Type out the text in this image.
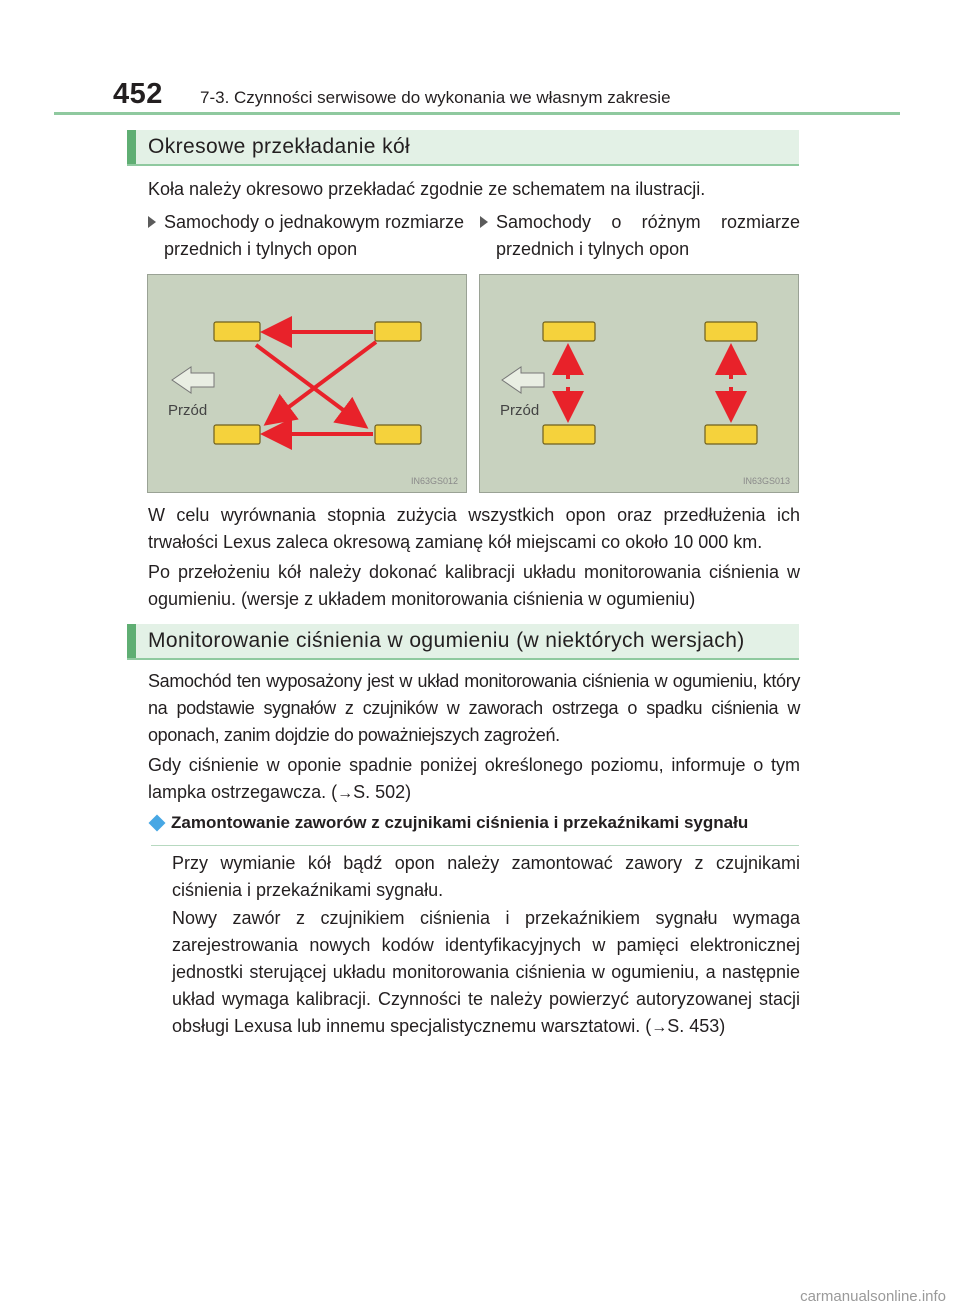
452 7-3. Czynności serwisowe do wykonania we własnym zakresie
Okresowe przekładanie kół
Koła należy okresowo przekładać zgodnie ze schematem na ilustracji.
Samochody o jednakowym rozmiarze przednich i tylnych opon
Samochody o różnym rozmiarze przednich i tylnych opon
Przód
IN63GS012
Przód
IN63GS013
W celu wyrównania stopnia zużycia wszystkich opon oraz przedłużenia ich trwałości Lexus zaleca okresową zamianę kół miejscami co około 10 000 km.
Po przełożeniu kół należy dokonać kalibracji układu monitorowania ciśnienia w ogumieniu. (wersje z układem monitorowania ciśnienia w ogumieniu)
Monitorowanie ciśnienia w ogumieniu (w niektórych wersjach)
Samochód ten wyposażony jest w układ monitorowania ciśnienia w ogumieniu, który na podstawie sygnałów z czujników w zaworach ostrzega o spadku ciśnienia w oponach, zanim dojdzie do poważniejszych zagrożeń.
Gdy ciśnienie w oponie spadnie poniżej określonego poziomu, informuje o tym lampka ostrzegawcza. (→S. 502)
Zamontowanie zaworów z czujnikami ciśnienia i przekaźnikami sygnału
Przy wymianie kół bądź opon należy zamontować zawory z czujnikami ciśnienia i przekaźnikami sygnału.
Nowy zawór z czujnikiem ciśnienia i przekaźnikiem sygnału wymaga zarejestrowania nowych kodów identyfikacyjnych w pamięci elektronicznej jednostki sterującej układu monitorowania ciśnienia w ogumieniu, a następnie układ wymaga kalibracji. Czynności te należy powierzyć autoryzowanej stacji obsługi Lexusa lub innemu specjalistycznemu warsztatowi. (→S. 453)
carmanualsonline.info
